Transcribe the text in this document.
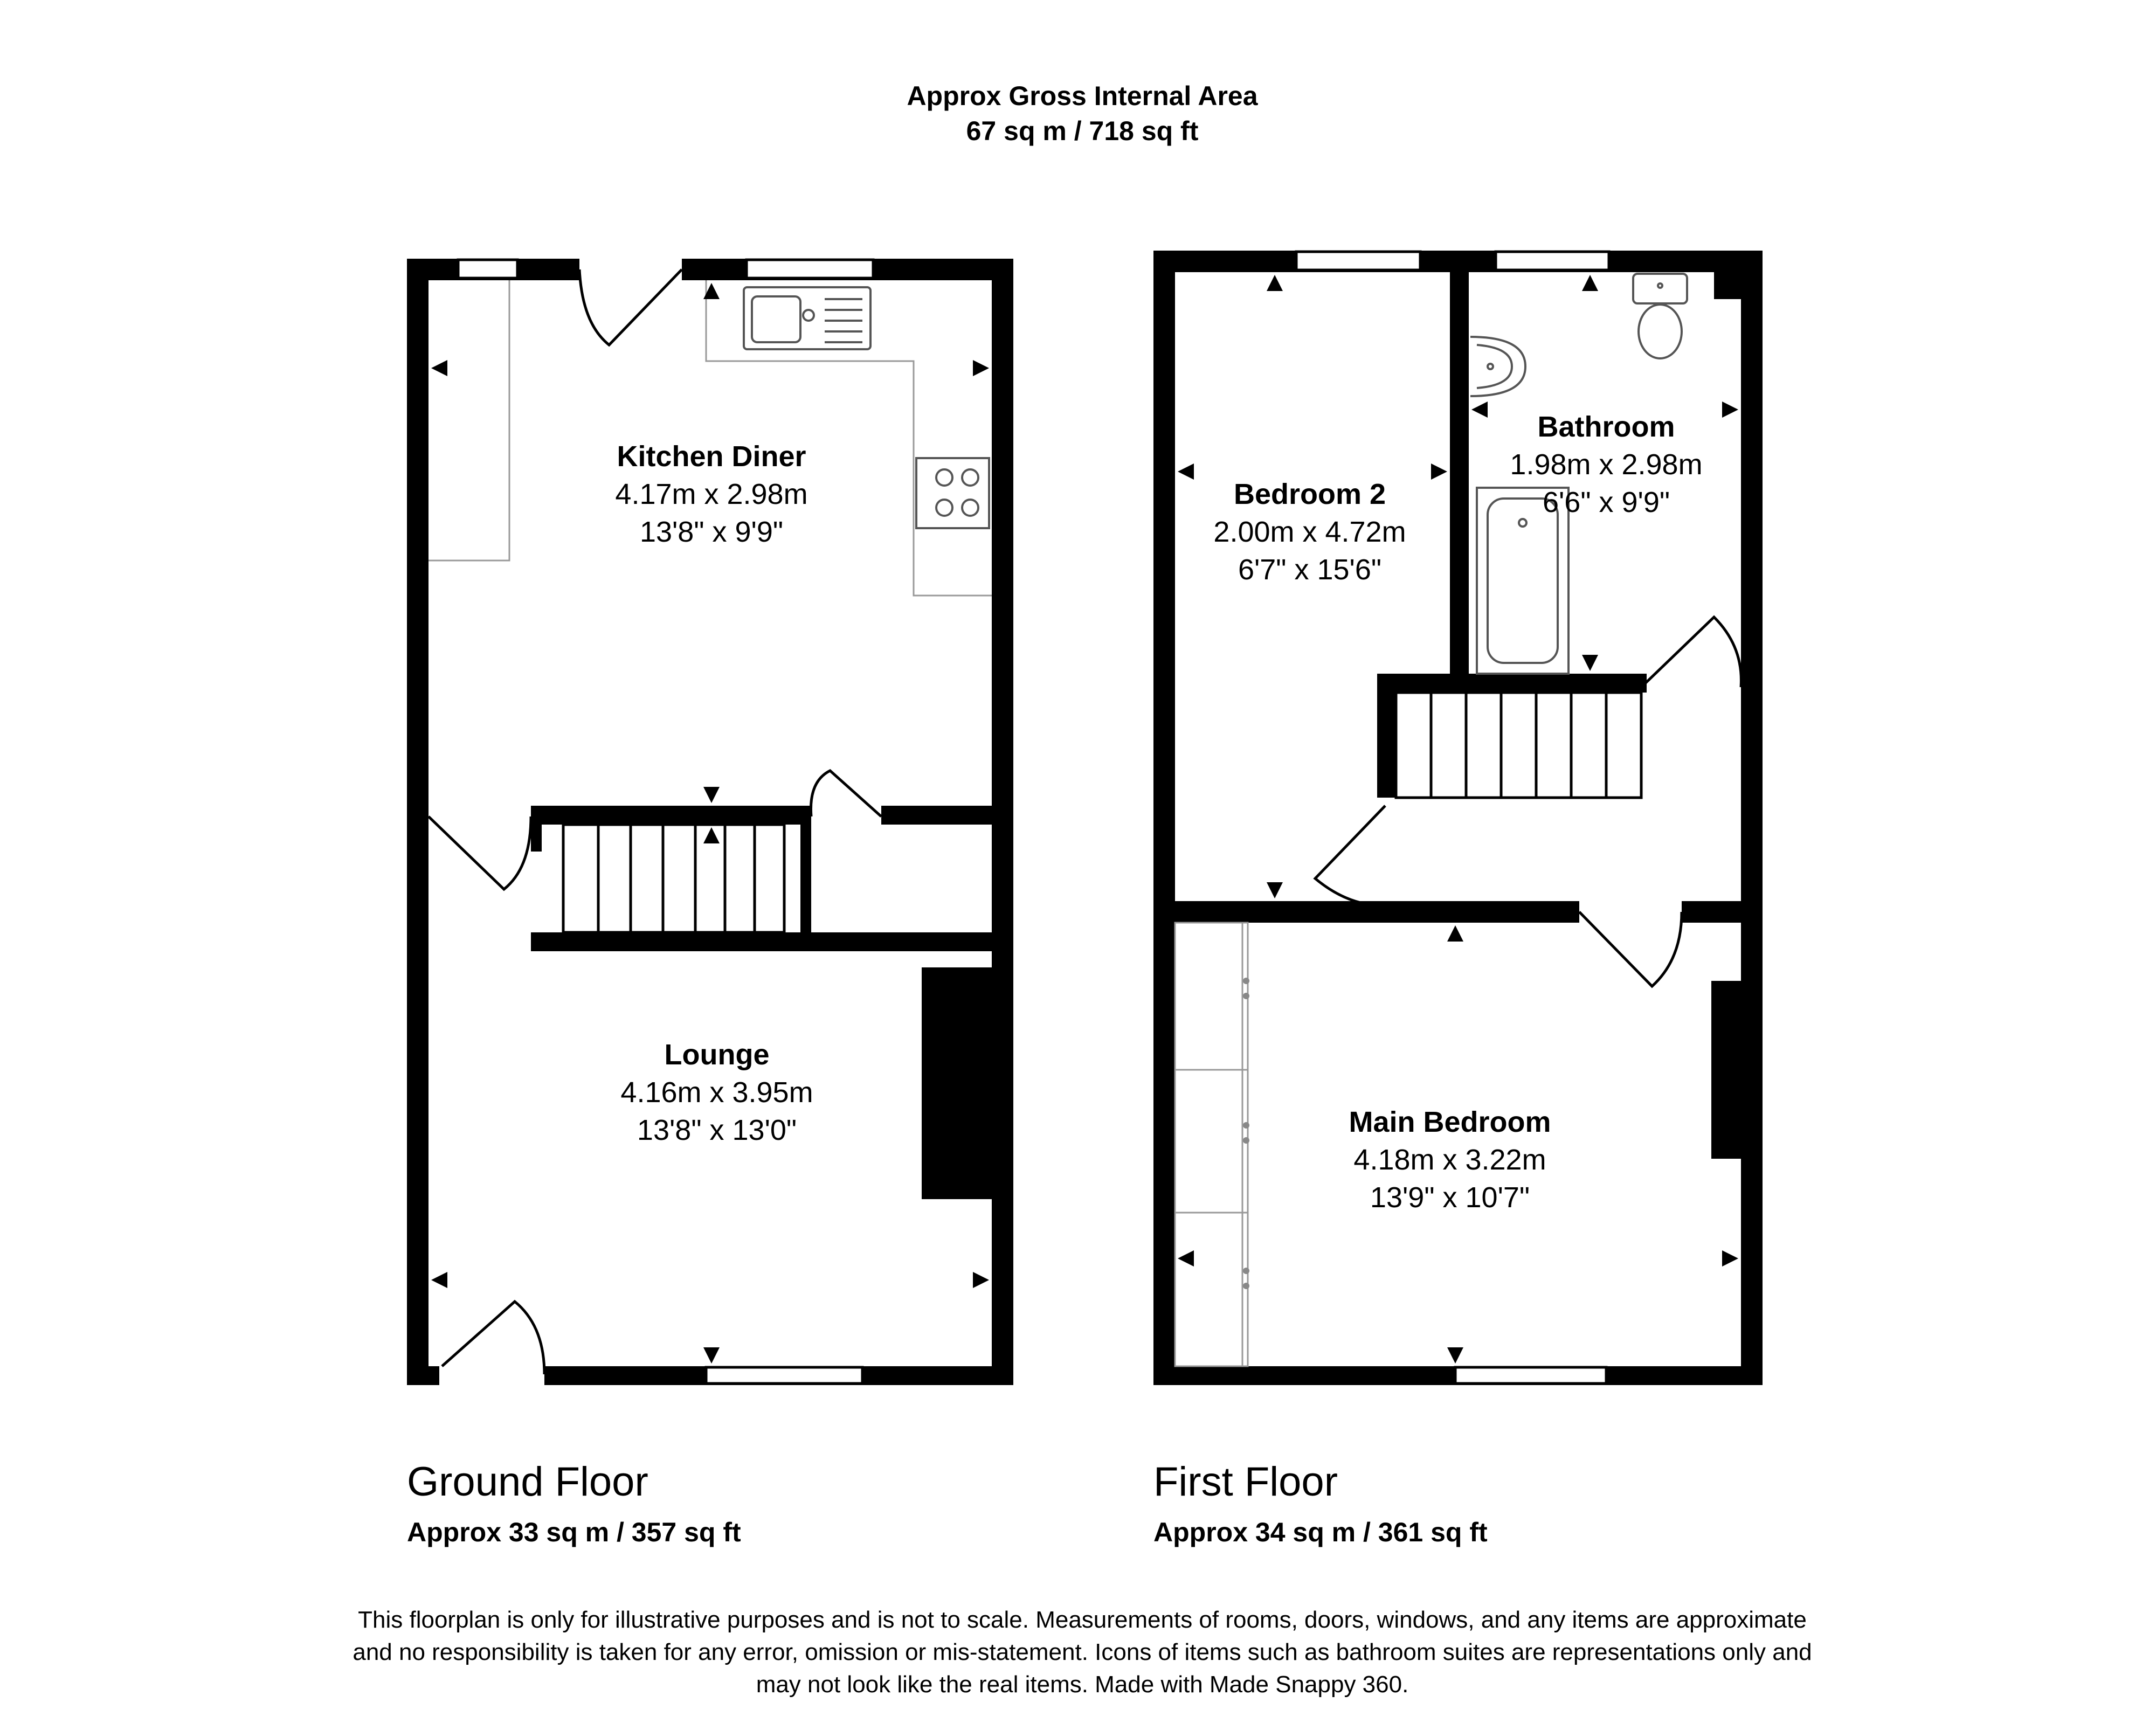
Approx Gross Internal Area
67 sq m / 718 sq ft
Kitchen Diner
4.17m x 2.98m
13'8" x 9'9"
Lounge
4.16m x 3.95m
13'8" x 13'0"
Bedroom 2
2.00m x 4.72m
6'7" x 15'6"
Bathroom
1.98m x 2.98m
6'6" x 9'9"
Main Bedroom
4.18m x 3.22m
13'9" x 10'7"
Ground Floor
Approx 33 sq m / 357 sq ft
First Floor
Approx 34 sq m / 361 sq ft
This floorplan is only for illustrative purposes and is not to scale. Measurements of rooms, doors, windows, and any items are approximate
and no responsibility is taken for any error, omission or mis-statement. Icons of items such as bathroom suites are representations only and
may not look like the real items. Made with Made Snappy 360.
